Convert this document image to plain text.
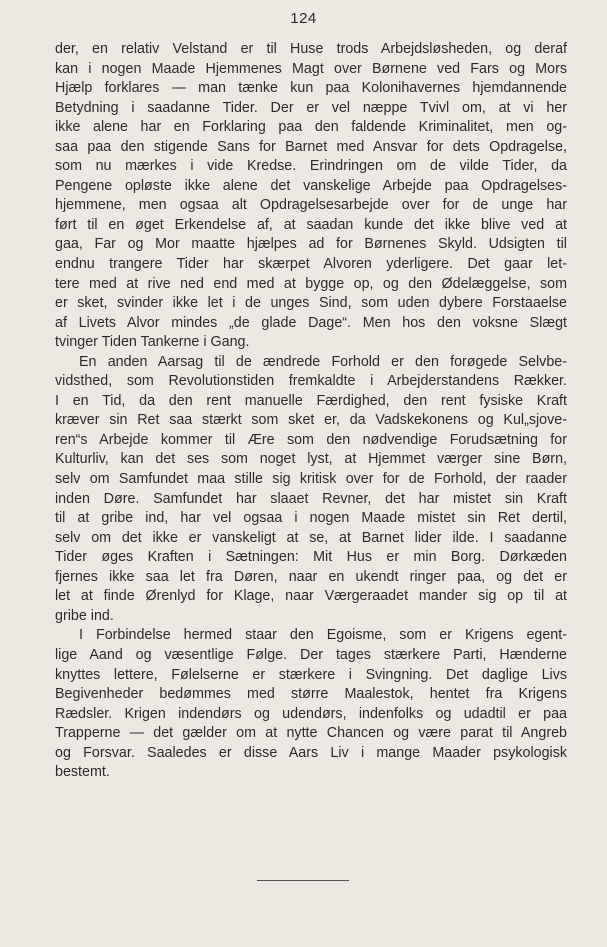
124
der, en relativ Velstand er til Huse trods Arbejdsløsheden, og deraf
kan i nogen Maade Hjemmenes Magt over Børnene ved Fars og Mors
Hjælp forklares — man tænke kun paa Kolonihavernes hjemdannende
Betydning i saadanne Tider. Der er vel næppe Tvivl om, at vi her
ikke alene har en Forklaring paa den faldende Kriminalitet, men og-
saa paa den stigende Sans for Barnet med Ansvar for dets Opdragelse,
som nu mærkes i vide Kredse. Erindringen om de vilde Tider, da
Pengene opløste ikke alene det vanskelige Arbejde paa Opdragelses-
hjemmene, men ogsaa alt Opdragelsesarbejde over for de unge har
ført til en øget Erkendelse af, at saadan kunde det ikke blive ved at
gaa, Far og Mor maatte hjælpes ad for Børnenes Skyld. Udsigten til
endnu trangere Tider har skærpet Alvoren yderligere. Det gaar let-
tere med at rive ned end med at bygge op, og den Ødelæggelse, som
er sket, svinder ikke let i de unges Sind, som uden dybere Forstaaelse
af Livets Alvor mindes „de glade Dage“. Men hos den voksne Slægt
tvinger Tiden Tankerne i Gang.
En anden Aarsag til de ændrede Forhold er den forøgede Selvbe-
vidsthed, som Revolutionstiden fremkaldte i Arbejderstandens Rækker.
I en Tid, da den rent manuelle Færdighed, den rent fysiske Kraft
kræver sin Ret saa stærkt som sket er, da Vadskekonens og Kul„sjove-
ren“s Arbejde kommer til Ære som den nødvendige Forudsætning for
Kulturliv, kan det ses som noget lyst, at Hjemmet værger sine Børn,
selv om Samfundet maa stille sig kritisk over for de Forhold, der raader
inden Døre. Samfundet har slaaet Revner, det har mistet sin Kraft
til at gribe ind, har vel ogsaa i nogen Maade mistet sin Ret dertil,
selv om det ikke er vanskeligt at se, at Barnet lider ilde. I saadanne
Tider øges Kraften i Sætningen: Mit Hus er min Borg. Dørkæden
fjernes ikke saa let fra Døren, naar en ukendt ringer paa, og det er
let at finde Ørenlyd for Klage, naar Værgeraadet mander sig op til at
gribe ind.
I Forbindelse hermed staar den Egoisme, som er Krigens egent-
lige Aand og væsentlige Følge. Der tages stærkere Parti, Hænderne
knyttes lettere, Følelserne er stærkere i Svingning. Det daglige Livs
Begivenheder bedømmes med større Maalestok, hentet fra Krigens
Rædsler. Krigen indendørs og udendørs, indenfolks og udadtil er paa
Trapperne — det gælder om at nytte Chancen og være parat til Angreb
og Forsvar. Saaledes er disse Aars Liv i mange Maader psykologisk
bestemt.
